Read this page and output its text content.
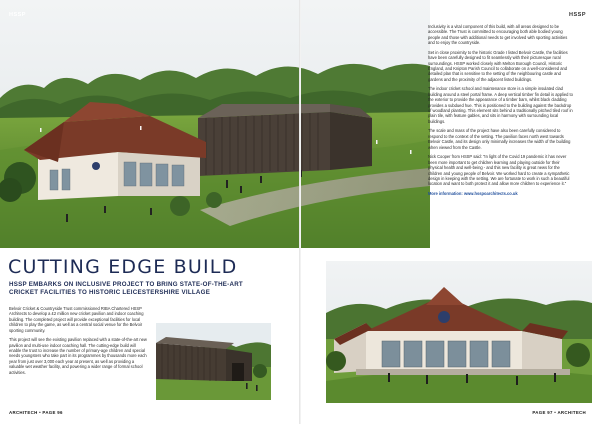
HSSP	HSSP

Inclusivity is a vital component of this build, with all areas designed to be accessible. The Trust is committed to encouraging both able bodied young people and those with additional needs to get involved with sporting activities and to enjoy the countryside.

Set in close proximity to the historic Grade I listed Belvoir Castle, the facilities have been carefully designed to fit seamlessly with their picturesque rural surroundings. HSSP worked closely with Melton Borough Council, Historic England, and Knipton Parish Council to collaborate on a well-considered and detailed plan that is sensitive to the setting of the neighbouring castle and gardens and the proximity of the adjacent listed buildings.

The indoor cricket school and maintenance store is a simple insulated clad building around a steel portal frame. A deep vertical timber fin detail is applied to the exterior to provide the appearance of a timber barn, whilst black cladding provides a subdued hue. This is positioned to the building against the backdrop of woodland planting. This element sits behind a traditionally pitched tiled roof in plain tile, with feature gables, and sits in harmony with surrounding local buildings.

The scale and mass of the project have also been carefully considered to respond to the context of the setting. The pavilion faces north west towards Belvoir Castle, and its design only minimally increases the width of the building when viewed from the Castle.

Nick Cooper from HSSP said: "In light of the Covid 19 pandemic it has never been more important to get children learning and playing outside for their physical health and well-being - and this new facility is great news for the children and young people of Belvoir. We worked hard to create a sympathetic design in keeping with the setting. We are fortunate to work in such a beautiful location and want to both protect it and allow more children to experience it."

More information: www.hsspoarchitects.co.uk

CUTTING EDGE BUILD
HSSP EMBARKS ON INCLUSIVE PROJECT TO BRING STATE-OF-THE-ART CRICKET FACILITIES TO HISTORIC LEICESTERSHIRE VILLAGE

Belvoir Cricket & Countryside Trust commissioned RIBA Chartered HSSP Architects to develop a £2 million new cricket pavilion and indoor coaching building. The completed project will provide exceptional facilities for local children to play the game, as well as a central social venue for the Belvoir sporting community.

This project will see the existing pavilion replaced with a state-of-the-art new pavilion and multi-use indoor coaching hall. The cutting-edge build will enable the trust to increase the number of primary-age children and special needs youngsters who take part in its programmes by thousands more each year from just over 3,000 each year at present, as well as providing a valuable wet weather facility, and powering a wider range of formal school activities.

ARCHITECH • PAGE 96	PAGE 97 • ARCHITECH
